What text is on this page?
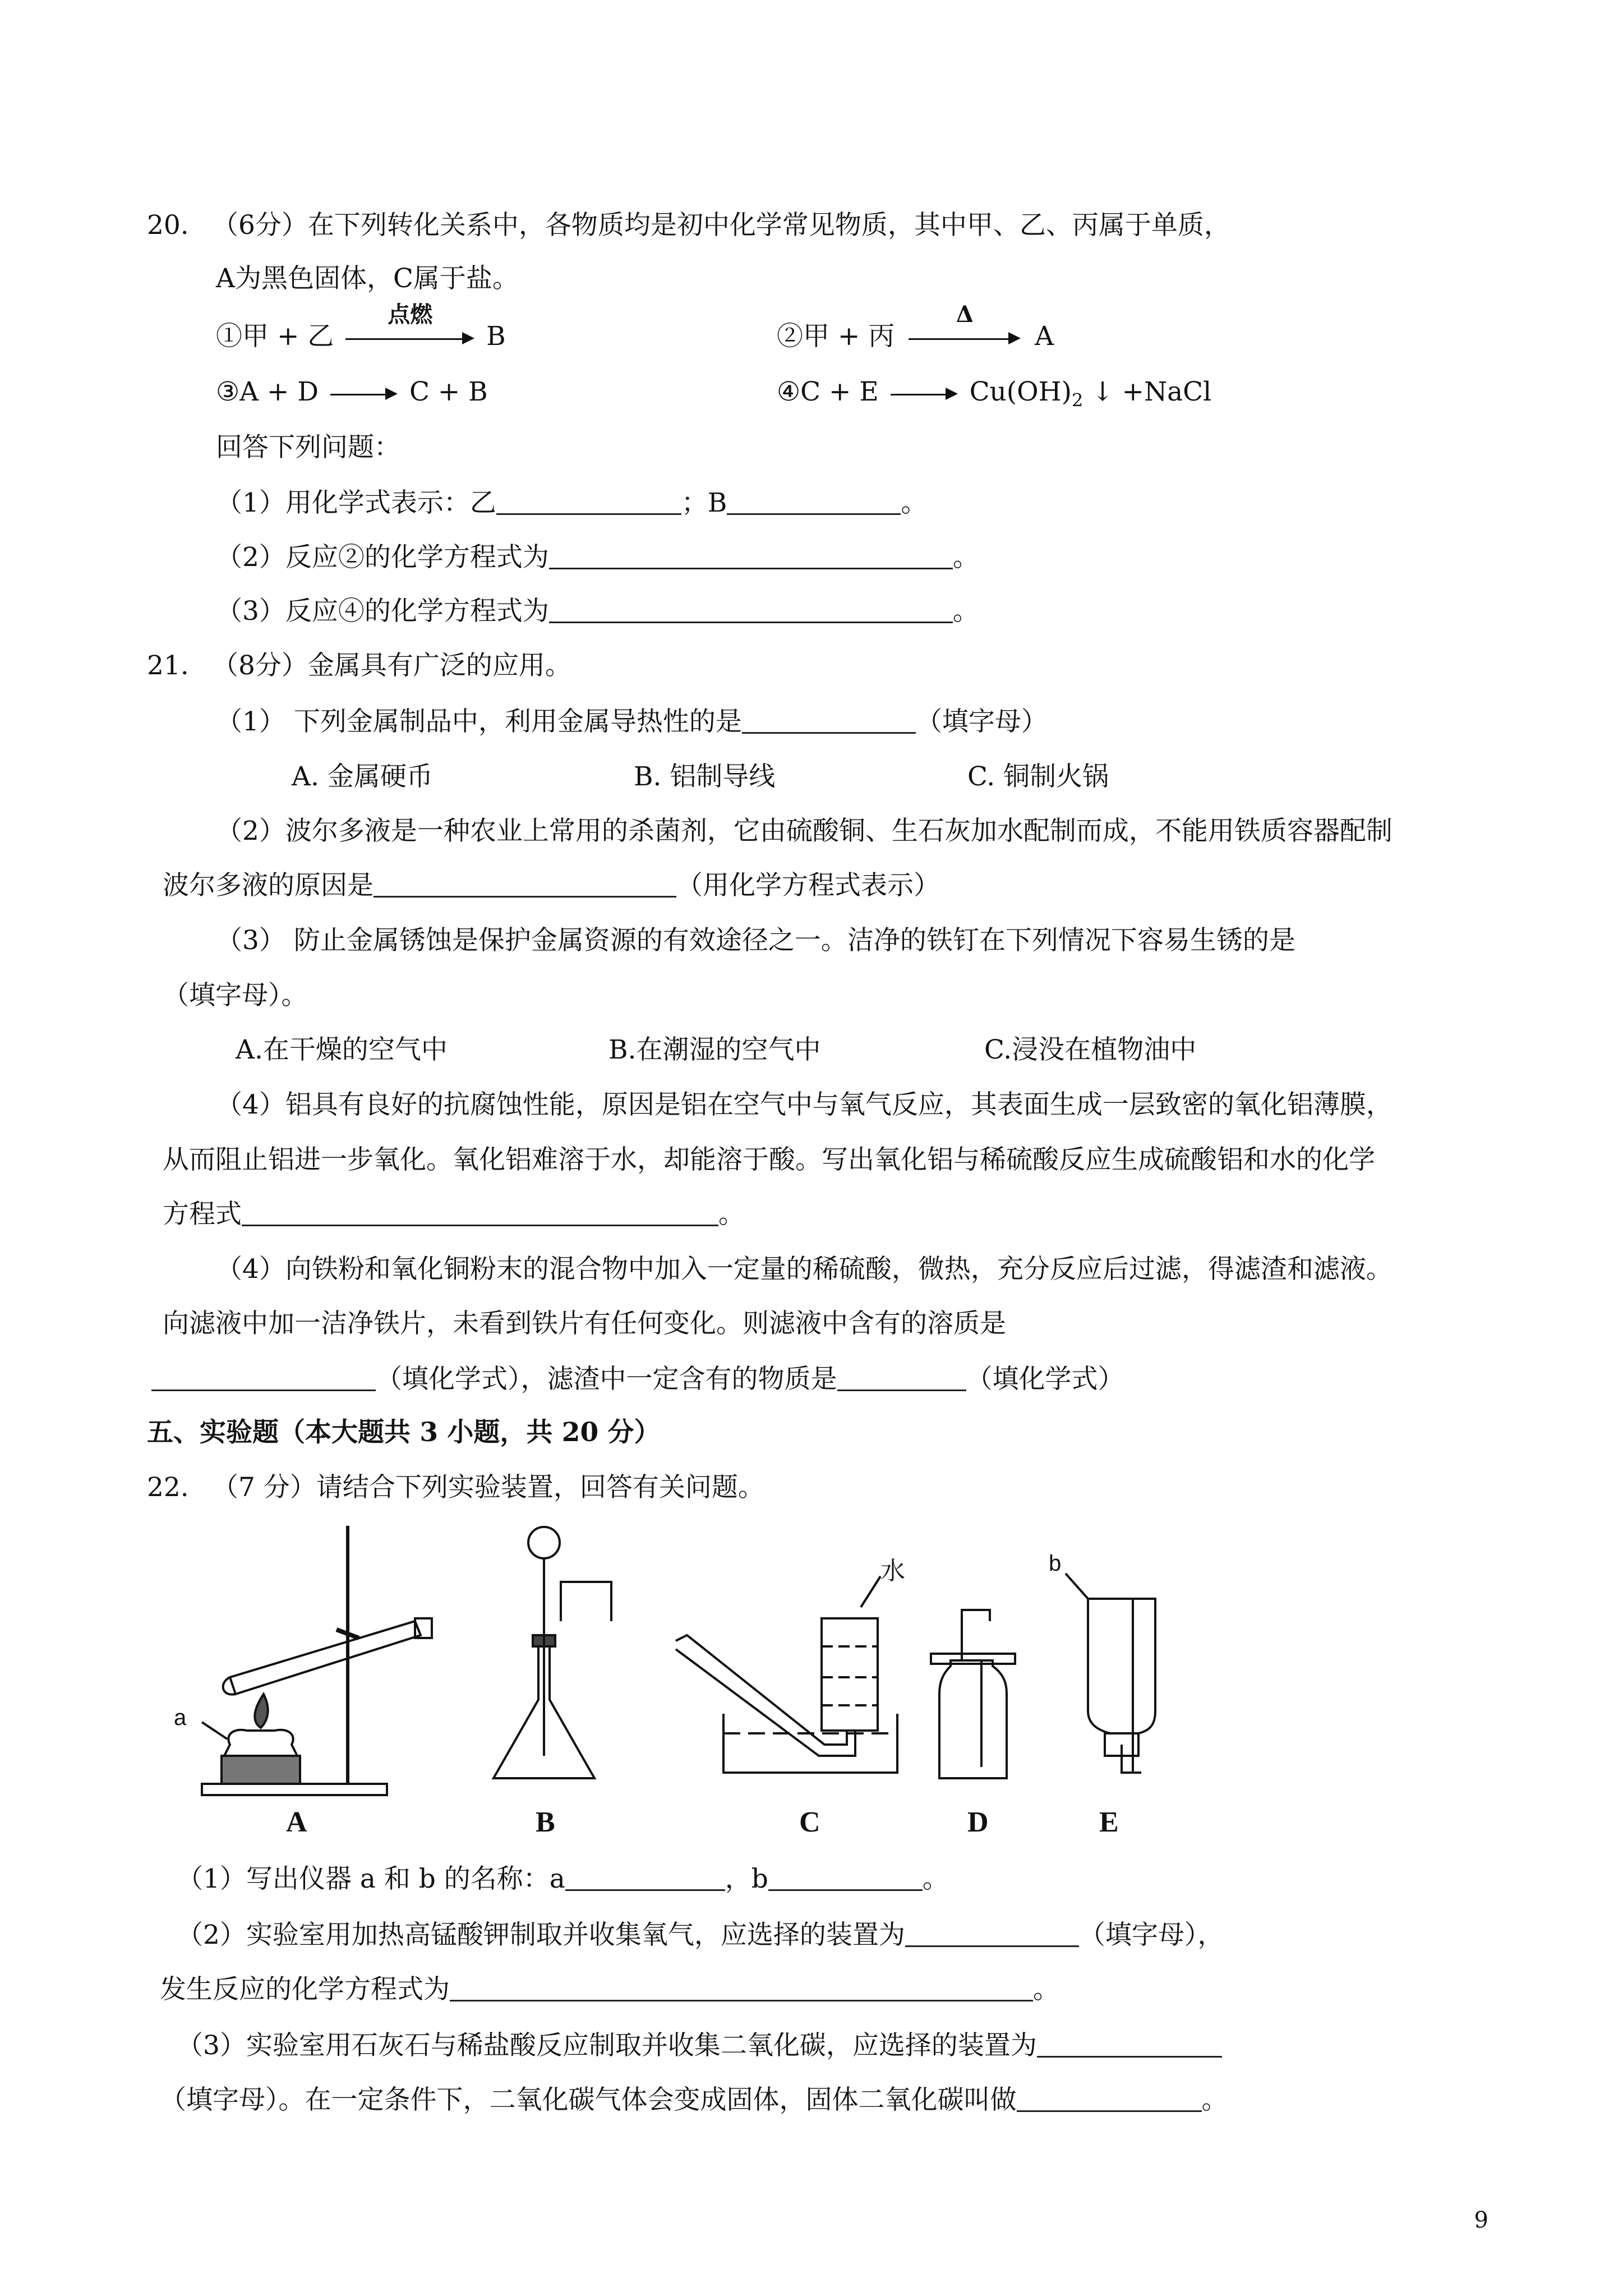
20. （6分）在下列转化关系中，各物质均是初中化学常见物质，其中甲、乙、丙属于单质，
A为黑色固体，C属于盐。
①甲 + 乙
点燃
B	②甲 + 丙
Δ
A
③A + D	C + B	④C + E	$Cu(OH)_2$ ↓ +NaCl
回答下列问题：
（1）用化学式表示：乙	；B	。
（2）反应②的化学方程式为	。
（3）反应④的化学方程式为	。
21. （8分）金属具有广泛的应用。
（1） 下列金属制品中，利用金属导热性的是	（填字母）
A. 金属硬币	B. 铝制导线	C. 铜制火锅
（2）波尔多液是一种农业上常用的杀菌剂，它由硫酸铜、生石灰加水配制而成，不能用铁质容器配制
波尔多液的原因是	（用化学方程式表示）
（3） 防止金属锈蚀是保护金属资源的有效途径之一。洁净的铁钉在下列情况下容易生锈的是
（填字母）。
A.在干燥的空气中	B.在潮湿的空气中	C.浸没在植物油中
（4）铝具有良好的抗腐蚀性能，原因是铝在空气中与氧气反应，其表面生成一层致密的氧化铝薄膜，
从而阻止铝进一步氧化。氧化铝难溶于水，却能溶于酸。写出氧化铝与稀硫酸反应生成硫酸铝和水的化学
方程式	。
（4）向铁粉和氧化铜粉末的混合物中加入一定量的稀硫酸，微热，充分反应后过滤，得滤渣和滤液。
向滤液中加一洁净铁片，未看到铁片有任何变化。则滤液中含有的溶质是
（填化学式），滤渣中一定含有的物质是	（填化学式）
五、实验题（本大题共 3 小题，共 20 分）
22. （7 分）请结合下列实验装置，回答有关问题。
A	B	C	D	E
a
b
水
（1）写出仪器 a 和 b 的名称：a	，b	。
（2）实验室用加热高锰酸钾制取并收集氧气，应选择的装置为	（填字母），
发生反应的化学方程式为	。
（3）实验室用石灰石与稀盐酸反应制取并收集二氧化碳，应选择的装置为
（填字母）。在一定条件下，二氧化碳气体会变成固体，固体二氧化碳叫做	。
9
